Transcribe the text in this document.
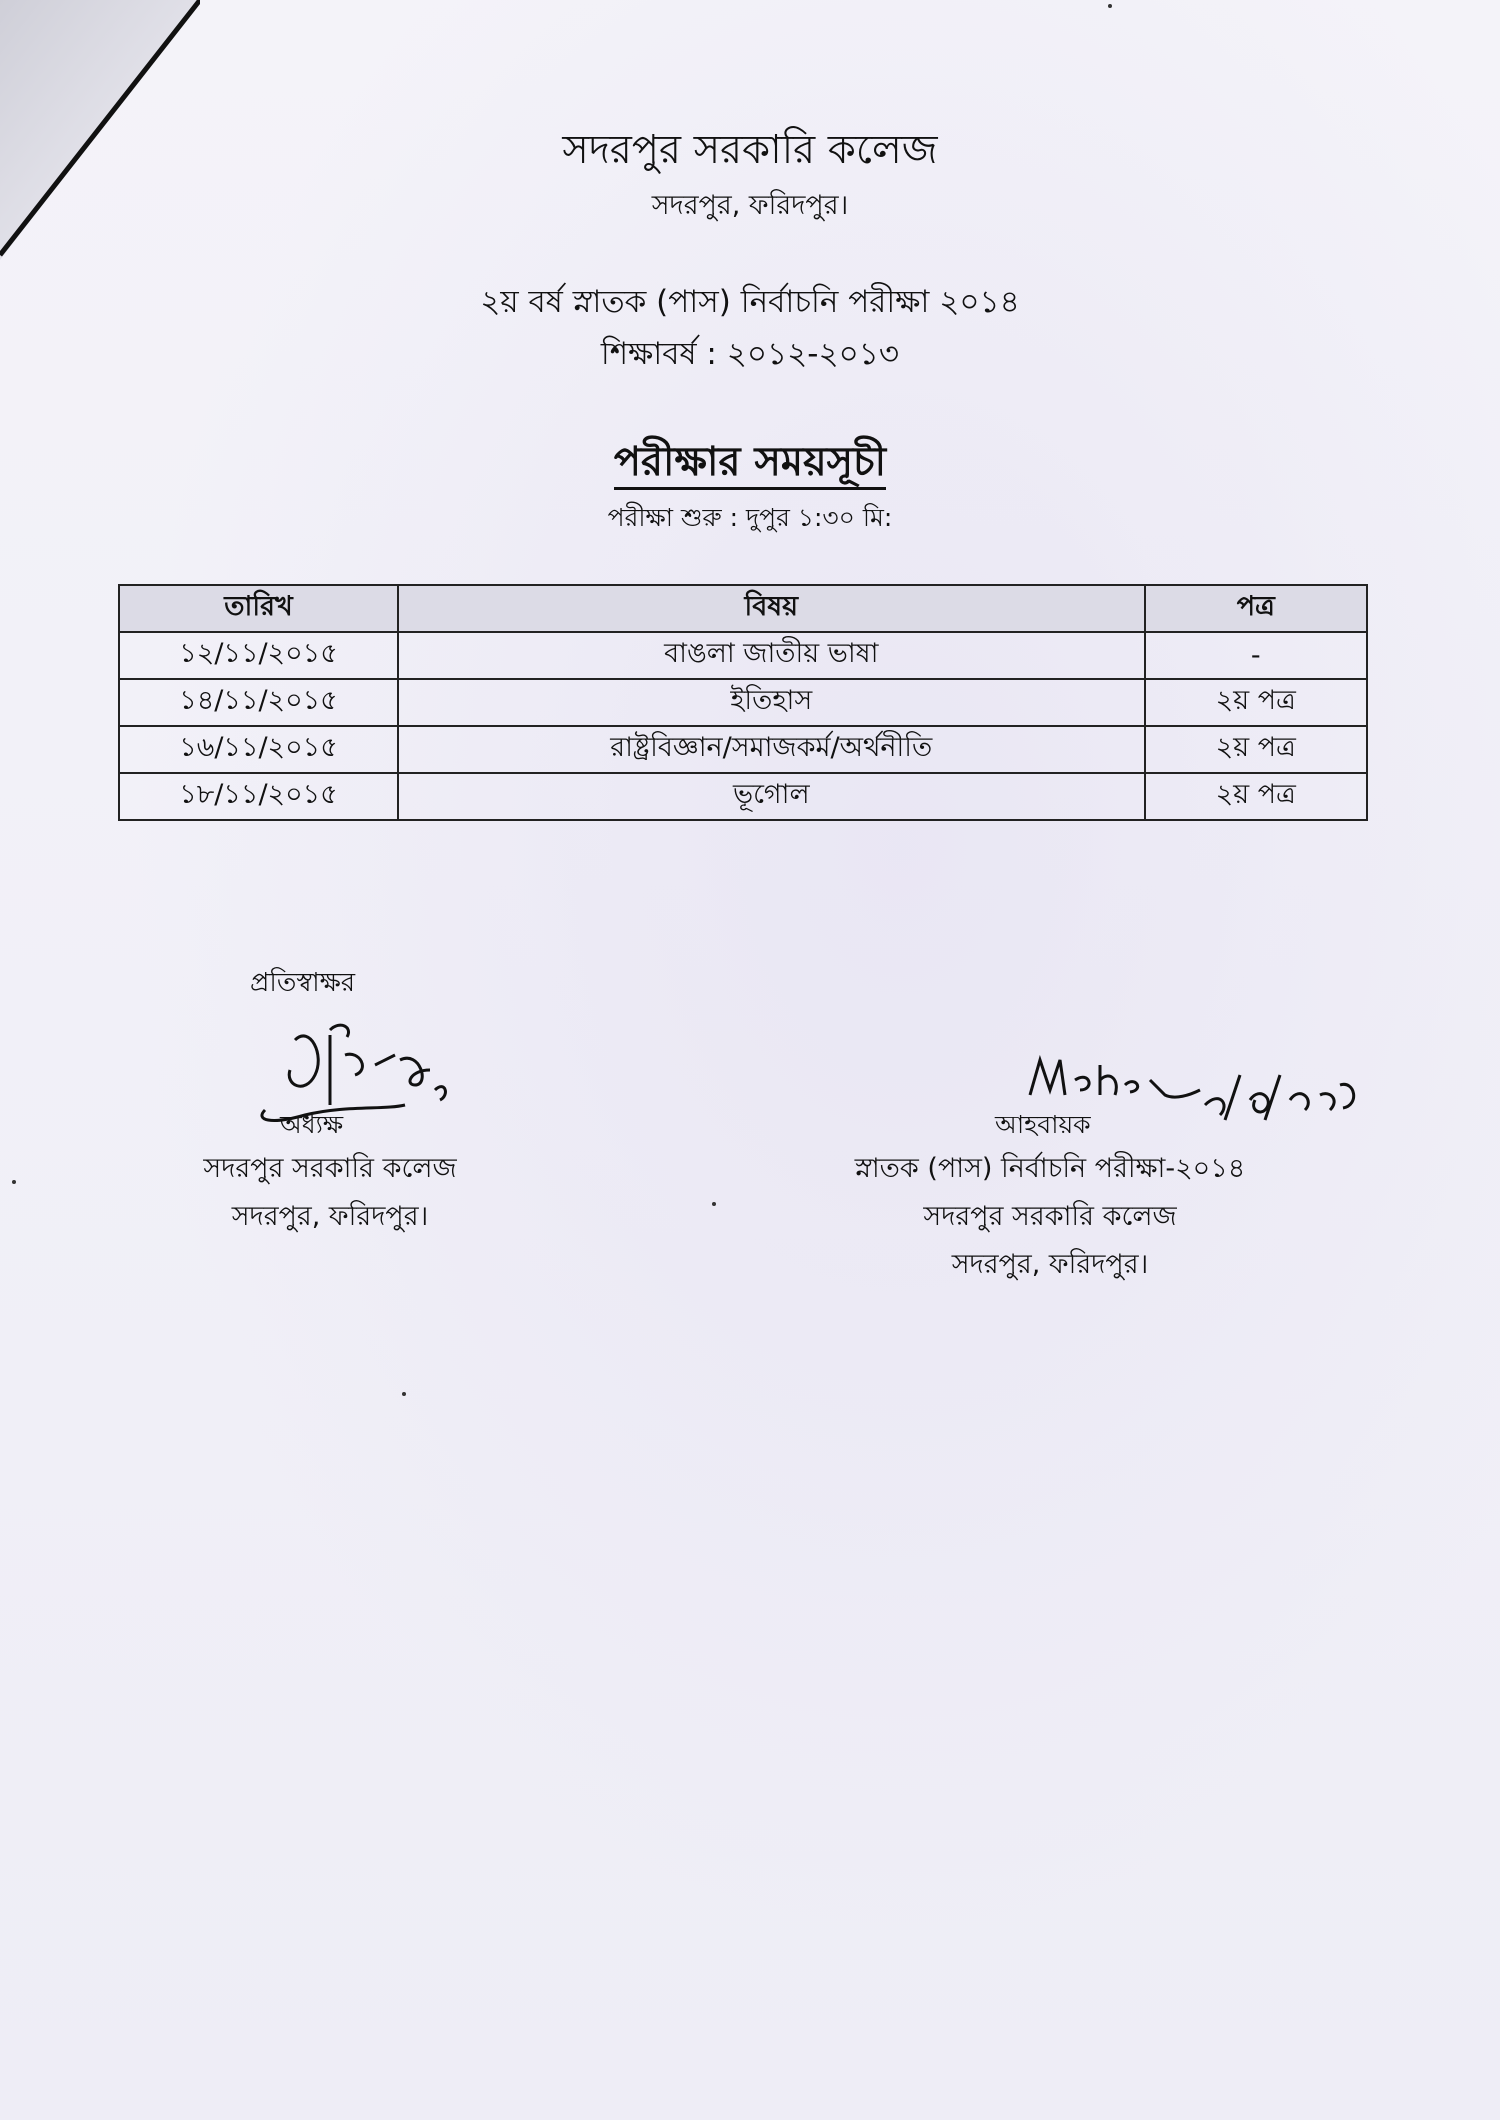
সদরপুর সরকারি কলেজ
সদরপুর, ফরিদপুর।
২য় বর্ষ স্নাতক (পাস) নির্বাচনি পরীক্ষা ২০১৪
শিক্ষাবর্ষ : ২০১২-২০১৩
পরীক্ষার সময়সূচী
পরীক্ষা শুরু : দুপুর ১:৩০ মি:
তারিখ	বিষয়	পত্র
১২/১১/২০১৫	বাঙলা জাতীয় ভাষা	-
১৪/১১/২০১৫	ইতিহাস	২য় পত্র
১৬/১১/২০১৫	রাষ্ট্রবিজ্ঞান/সমাজকর্ম/অর্থনীতি	২য় পত্র
১৮/১১/২০১৫	ভূগোল	২য় পত্র
প্রতিস্বাক্ষর
অধ্যক্ষ
সদরপুর সরকারি কলেজ
সদরপুর, ফরিদপুর।
আহবায়ক
স্নাতক (পাস) নির্বাচনি পরীক্ষা-২০১৪
সদরপুর সরকারি কলেজ
সদরপুর, ফরিদপুর।
